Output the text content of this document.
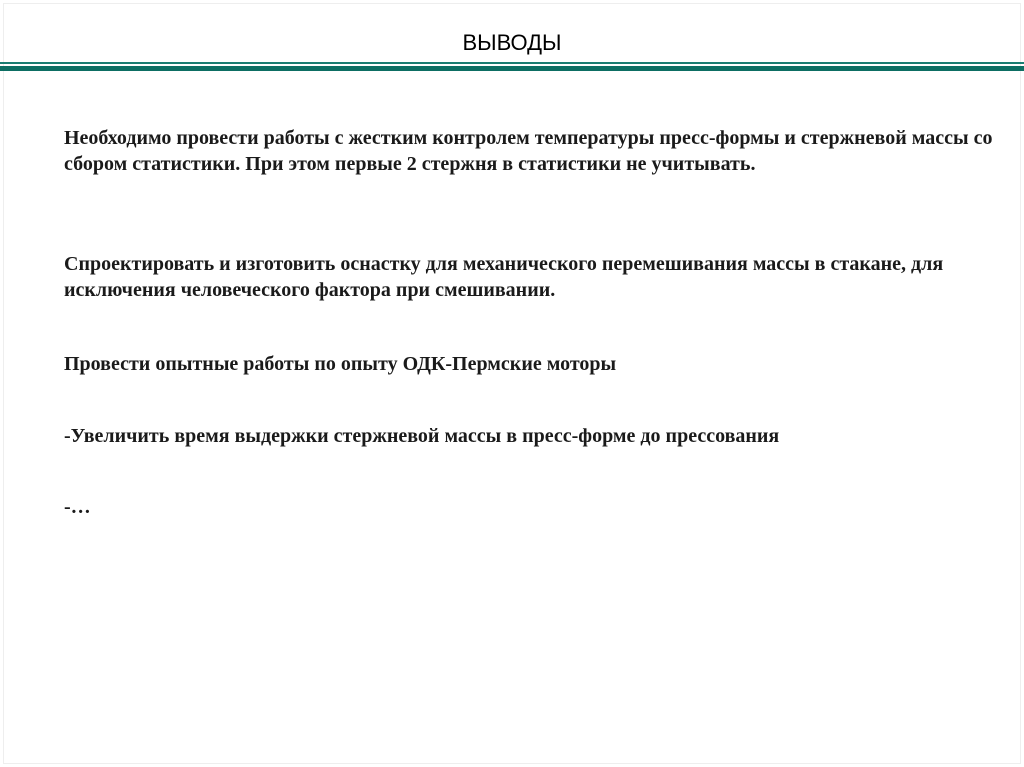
ВЫВОДЫ

Необходимо провести работы с жестким контролем температуры пресс-формы и стержневой массы со сбором статистики. При этом первые 2 стержня в статистики не учитывать.

Спроектировать и изготовить оснастку для механического перемешивания массы в стакане, для исключения человеческого фактора при смешивании.

Провести опытные работы по опыту ОДК-Пермские моторы

-Увеличить время выдержки стержневой массы в пресс-форме до прессования

-…
